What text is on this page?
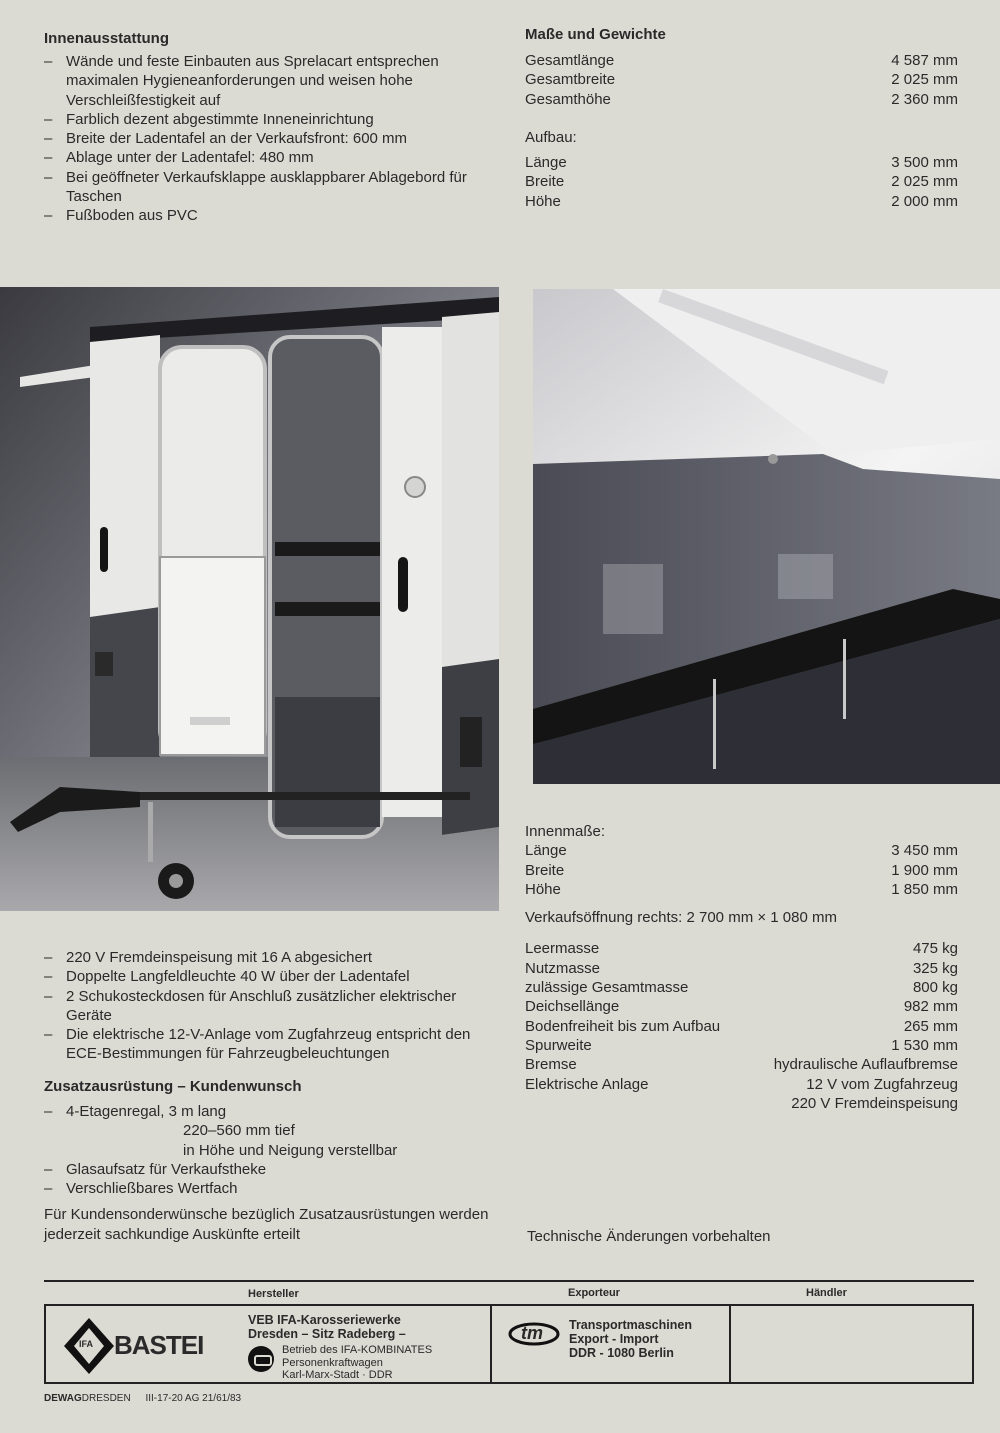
Innenausstattung
– Wände und feste Einbauten aus Sprelacart entsprechen maximalen Hygieneanforderungen und weisen hohe Verschleißfestigkeit auf
– Farblich dezent abgestimmte Inneneinrichtung
– Breite der Ladentafel an der Verkaufsfront: 600 mm
– Ablage unter der Ladentafel: 480 mm
– Bei geöffneter Verkaufsklappe ausklappbarer Ablagebord für Taschen
– Fußboden aus PVC
Maße und Gewichte
Gesamtlänge	4 587 mm
Gesamtbreite	2 025 mm
Gesamthöhe	2 360 mm
Aufbau:
Länge	3 500 mm
Breite	2 025 mm
Höhe	2 000 mm
Innenmaße:
Länge	3 450 mm
Breite	1 900 mm
Höhe	1 850 mm
Verkaufsöffnung rechts: 2 700 mm × 1 080 mm
Leermasse	475 kg
Nutzmasse	325 kg
zulässige Gesamtmasse	800 kg
Deichsellänge	982 mm
Bodenfreiheit bis zum Aufbau	265 mm
Spurweite	1 530 mm
Bremse	hydraulische Auflaufbremse
Elektrische Anlage	12 V vom Zugfahrzeug
220 V Fremdeinspeisung
– 220 V Fremdeinspeisung mit 16 A abgesichert
– Doppelte Langfeldleuchte 40 W über der Ladentafel
– 2 Schukosteckdosen für Anschluß zusätzlicher elektrischer Geräte
– Die elektrische 12-V-Anlage vom Zugfahrzeug entspricht den ECE-Bestimmungen für Fahrzeugbeleuchtungen
Zusatzausrüstung – Kundenwunsch
– 4-Etagenregal, 3 m lang
220–560 mm tief
in Höhe und Neigung verstellbar
– Glasaufsatz für Verkaufstheke
– Verschließbares Wertfach
Für Kundensonderwünsche bezüglich Zusatzausrüstungen werden jederzeit sachkundige Auskünfte erteilt	Technische Änderungen vorbehalten
Hersteller	Exporteur	Händler
IFA BASTEI
VEB IFA-Karosseriewerke
Dresden – Sitz Radeberg –
Betrieb des IFA-KOMBINATES
Personenkraftwagen
Karl-Marx-Stadt · DDR
tm Transportmaschinen
Export - Import
DDR - 1080 Berlin
DEWAGDRESDEN III-17-20 AG 21/61/83
